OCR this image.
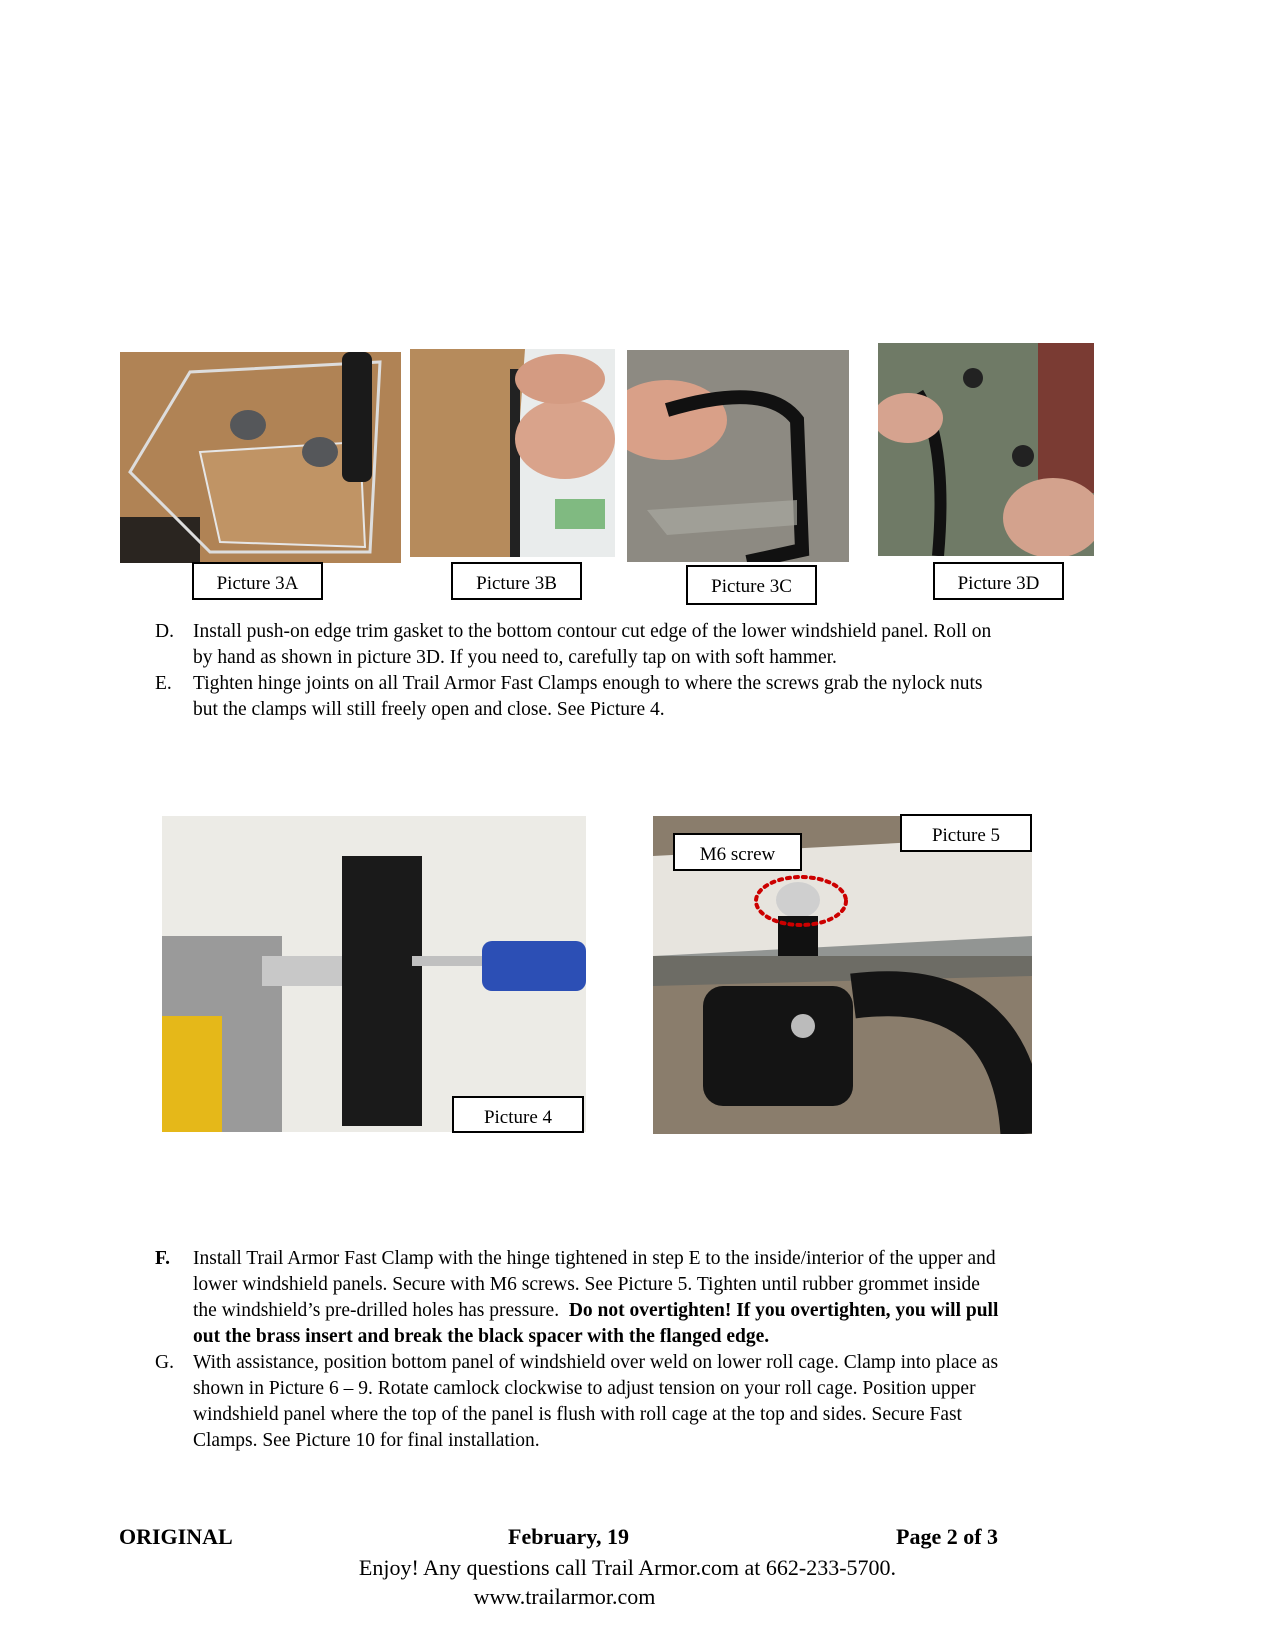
Picture 3A	Picture 3B	Picture 3C	Picture 3D
D. Install push-on edge trim gasket to the bottom contour cut edge of the lower windshield panel. Roll on
by hand as shown in picture 3D. If you need to, carefully tap on with soft hammer.
E. Tighten hinge joints on all Trail Armor Fast Clamps enough to where the screws grab the nylock nuts
but the clamps will still freely open and close. See Picture 4.
Picture 4
Picture 5
M6 screw
F. Install Trail Armor Fast Clamp with the hinge tightened in step E to the inside/interior of the upper and
lower windshield panels. Secure with M6 screws. See Picture 5. Tighten until rubber grommet inside
the windshield’s pre-drilled holes has pressure.  Do not overtighten! If you overtighten, you will pull
out the brass insert and break the black spacer with the flanged edge.
G. With assistance, position bottom panel of windshield over weld on lower roll cage. Clamp into place as
shown in Picture 6 – 9. Rotate camlock clockwise to adjust tension on your roll cage. Position upper
windshield panel where the top of the panel is flush with roll cage at the top and sides. Secure Fast
Clamps. See Picture 10 for final installation.
ORIGINAL	February, 19	Page 2 of 3
Enjoy! Any questions call Trail Armor.com at 662-233-5700.
www.trailarmor.com
